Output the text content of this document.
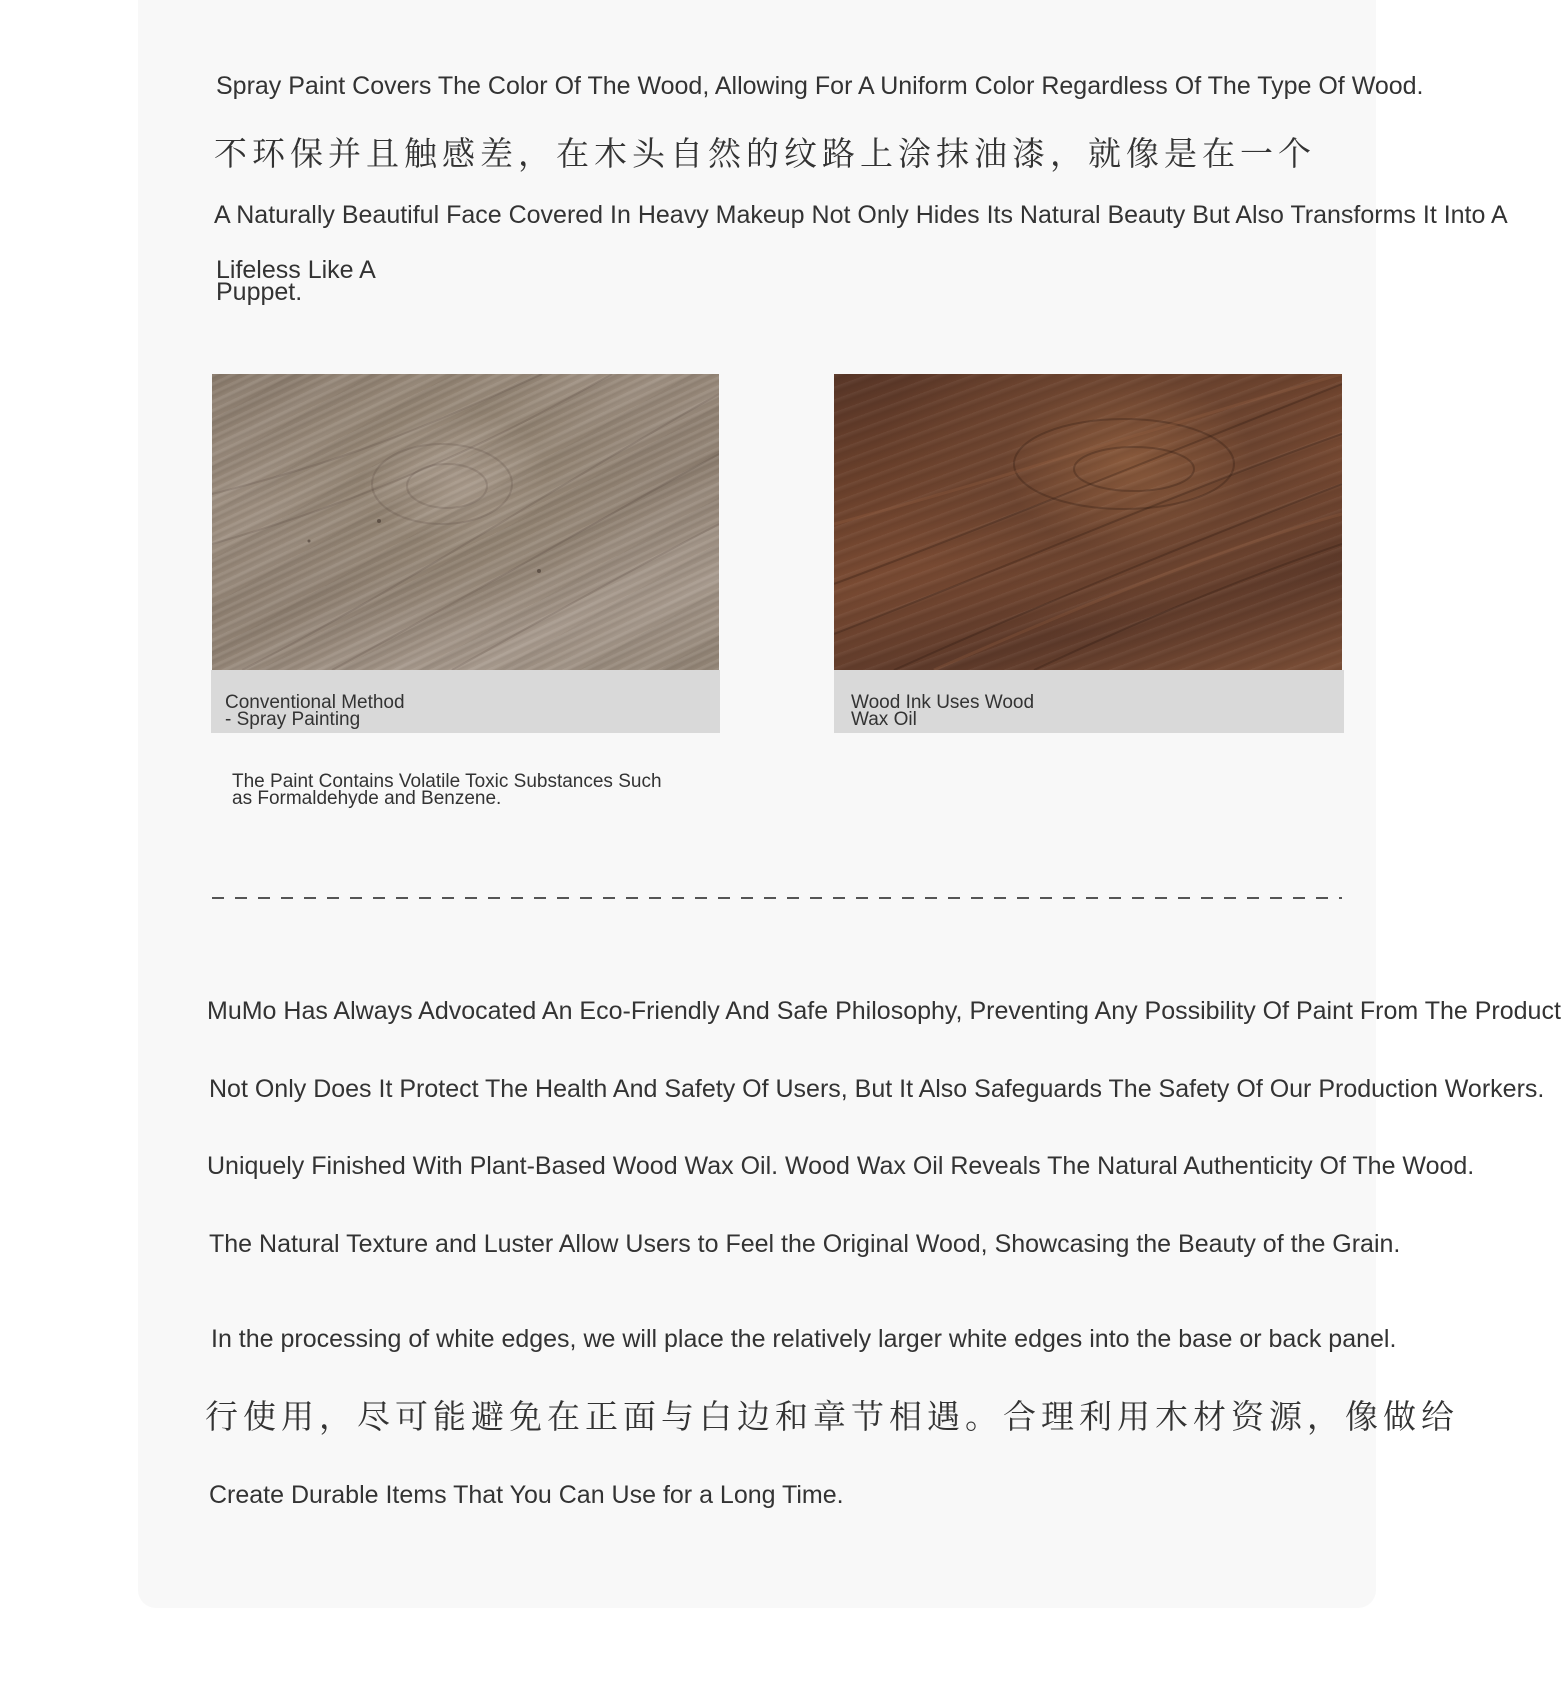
Spray Paint Covers The Color Of The Wood, Allowing For A Uniform Color Regardless Of The Type Of Wood.
不环保并且触感差，在木头自然的纹路上涂抹油漆，就像是在一个
A Naturally Beautiful Face Covered In Heavy Makeup Not Only Hides Its Natural Beauty But Also Transforms It Into A
Lifeless Like A
Puppet.
Conventional Method
- Spray Painting
The Paint Contains Volatile Toxic Substances Such
as Formaldehyde and Benzene.
Wood Ink Uses Wood
Wax Oil
MuMo Has Always Advocated An Eco-Friendly And Safe Philosophy, Preventing Any Possibility Of Paint From The Product
Not Only Does It Protect The Health And Safety Of Users, But It Also Safeguards The Safety Of Our Production Workers.
Uniquely Finished With Plant-Based Wood Wax Oil. Wood Wax Oil Reveals The Natural Authenticity Of The Wood.
The Natural Texture and Luster Allow Users to Feel the Original Wood, Showcasing the Beauty of the Grain.
In the processing of white edges, we will place the relatively larger white edges into the base or back panel.
行使用，尽可能避免在正面与白边和章节相遇。合理利用木材资源，像做给
Create Durable Items That You Can Use for a Long Time.
